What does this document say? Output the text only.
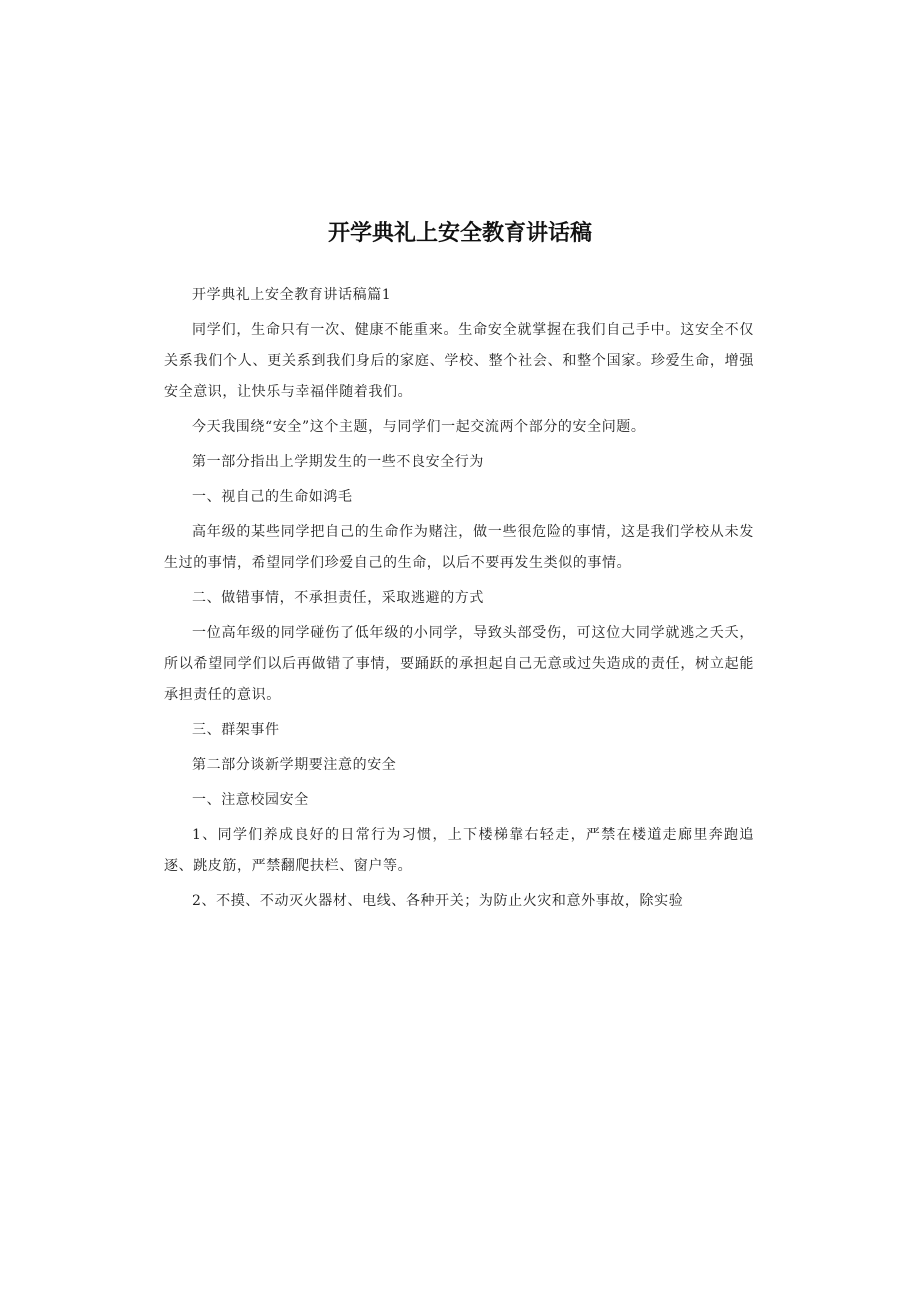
开学典礼上安全教育讲话稿

开学典礼上安全教育讲话稿篇1

同学们，生命只有一次、健康不能重来。生命安全就掌握在我们自己手中。这安全不仅关系我们个人、更关系到我们身后的家庭、学校、整个社会、和整个国家。珍爱生命，增强安全意识，让快乐与幸福伴随着我们。

今天我围绕“安全”这个主题，与同学们一起交流两个部分的安全问题。

第一部分指出上学期发生的一些不良安全行为

一、视自己的生命如鸿毛

高年级的某些同学把自己的生命作为赌注，做一些很危险的事情，这是我们学校从未发生过的事情，希望同学们珍爱自己的生命，以后不要再发生类似的事情。

二、做错事情，不承担责任，采取逃避的方式

一位高年级的同学碰伤了低年级的小同学，导致头部受伤，可这位大同学就逃之夭夭，所以希望同学们以后再做错了事情，要踊跃的承担起自己无意或过失造成的责任，树立起能承担责任的意识。

三、群架事件

第二部分谈新学期要注意的安全

一、注意校园安全

1、同学们养成良好的日常行为习惯，上下楼梯靠右轻走，严禁在楼道走廊里奔跑追逐、跳皮筋，严禁翻爬扶栏、窗户等。

2、不摸、不动灭火器材、电线、各种开关；为防止火灾和意外事故，除实验
